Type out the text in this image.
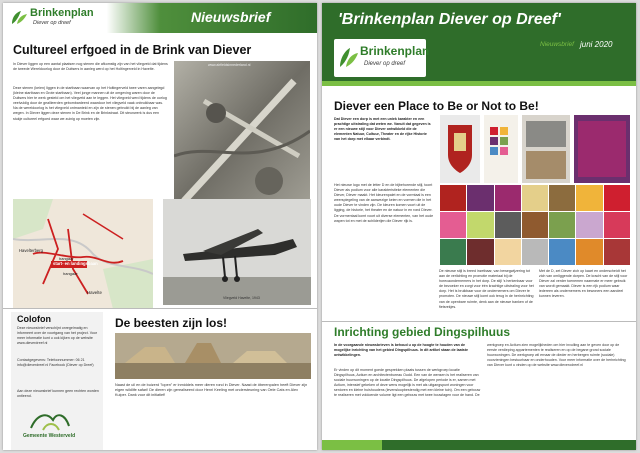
Brinkenplan
Diever op dreef	Nieuwsbrief
Cultureel erfgoed in de Brink van Diever
In Diever liggen op een aantal plaatsen nog stenen die afkomstig zijn van het vliegveld dat tijdens de tweede Wereldoorlog door de Duitsers in aanleg werd op het Holtingerveld in Havelte.
Deze stenen (keien) liggen in de startbaan waarvan op het Holtingerveld twee varen aangelegd (kleine startbaan en Grote startbaan). Veel jonge mannen uit de omgeving waren door de Duitsers hier te werk gesteld om het vliegveld aan te leggen. Het vliegveld werd tijdens de oorlog veelvuldig door de geallieerden gebombardeerd waardoor het vliegveld vaak onbruikbaar was. Na de wereldoorlog is het vliegveld ontmanteld en zijn de stenen gebruikt bij de aanleg van wegen. In Diever liggen deze stenen in De Brink en de Brinkstraat. Dit steunwerk is dus een stukje cultureel erfgoed waar we zuinig op moeten zijn.
www.airfieldsinnederland.nl
Havelterberg
hangaar
start- en landingsbaan
hangaar
Havelte
Vliegveld Havelte, 1943
Colofon
Deze nieuwsbrief verschijnt onregelmatig en informeert over de voortgang van het project. Voor meer informatie kunt u ook kijken op de website www.dieverdreef.nl
Contactgegevens: Telefoonnummer: 06 21 info@dieverdreef.nl Facebook (Diever op Dreef)
Aan deze nieuwsbrief kunnen geen rechten worden ontleend.
Gemeente Westerveld
De beesten zijn los!
Naast de uil en de buizerd "lopen" er inmiddels meer dieren rond in Diever. Naast de #berenpalen heeft Diever zijn eigen wildlife safari! De dieren zijn gerealiseerd door Henri Keeling met ondersteuning van Oele Cats en Alex Kuiper. Dank voor dit initiatief!
'Brinkenplan Diever op Dreef'
Brinkenplan
Diever op dreef
Nieuwsbrief juni 2020
Diever een Place to Be or Not to Be!
Dat Diever een dorp is met een uniek karakter en een prachtige uitstraling dat weten we. Vanuit dat gegeven is er een nieuwe stijl voor Diever ontwikkeld die de elementen Natuur, Cultuur, Theater en de rijke Historie van het dorp met elkaar verbindt.
Het nieuwe logo met de letter D en de bijbehorende stijl, toont Diever als podium voor alle karakteristieke elementen die Diever, Diever maakt. Het kleurenpalet en de vormtaal is een weerspiegeling van de aanwezige keien en vormen die in het oude Diever te vinden zijn. De kleuren komen voort uit de ligging, de historie, het theater en de natuur in en rond Diever. De vormentaal komt voort uit diverse elementen, van het oude wapen tot en met de schilderijen die Diever rijk is.
De nieuwe stijl is breed inzetbaar, van bewegwijzering tot aan de verlichting en promotie materiaal bij de horecaondernemers in het dorp. De stijl 's herkenbaar voor de bezoeker en zorgt voor één krachtige uitstraling voor het dorp. Het is bruikbaar voor de ondernemers om Diever te promoten. De nieuwe stijl komt ook terug in de herinrichting van de openbare ruimte, denk aan de nieuwe banken of de fietsrekjes.
Met de D, zet Diever zich op kaart en onderscheidt het zich van omliggende dorpen. De kracht van de stijl voor Diever zal verder toenemen naarmate er meer gebruik van wordt gemaakt. Diever is een rijk podium waar iedereen als ondernemers en bewoners een aandeel kunnen leveren.
Inrichting gebied Dingspilhuus
In de voorgaande nieuwsbrieven is behoud u op de hoogte te houden van de mogelijke inrichting van het gebied Dingspilhuus. In dit artikel staan de laatste ontwikkelingen.
Er vinden op dit moment goede gesprekken plaats tussen de werkgroep locatie Dingspilhuus, Actium en architectenbureau Oudd. Een van de wensen is het realiseren van sociale huurwoningen op de locatie Dingspilhuus. De afgelopen periode is er, samen met Actium, intensief gekeken of deze wens mogelijk is met als uitgangspunt woningen voor senioren en kleine huishoudens (levensloopbestendig met een kleine tuin). Om een gebouw te realiseren met voldoende volume ligt een gebouw met twee bouwlagen voor de hand. De
werkgroep en Actium zien mogelijkheden om hier invulling aan te geven door op de eerste verdieping appartementen te realiseren en op de begane grond sociale huurwoningen. De werkgroep wil ernaar de dieder en herbergen ruimte (sociale) voorzieningen bestuurbaar en onderhouden. Voor meer informatie over de herinrichting van Diever kunt u vinden op de website www.dieverodreef.nl
